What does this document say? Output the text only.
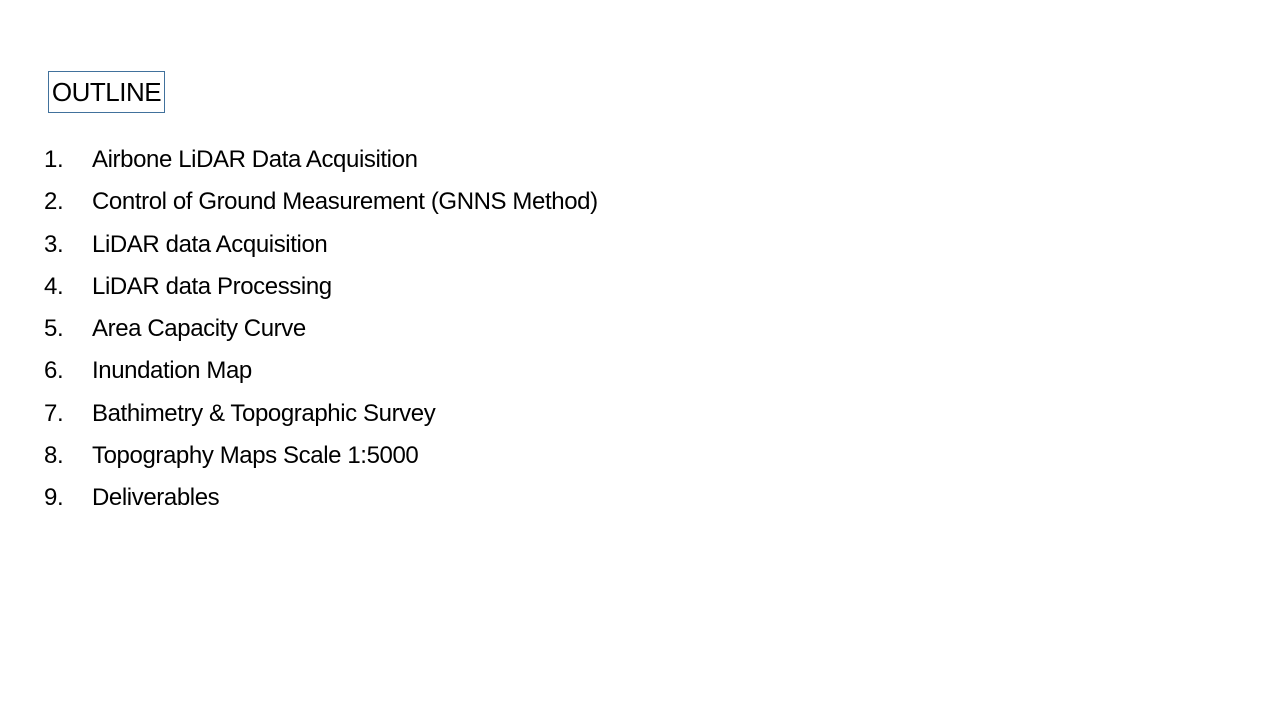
OUTLINE
1.	Airbone LiDAR Data Acquisition
2.	Control of Ground Measurement (GNNS Method)
3.	LiDAR data Acquisition
4.	LiDAR data Processing
5.	Area Capacity Curve
6.	Inundation Map
7.	Bathimetry & Topographic Survey
8.	Topography Maps Scale 1:5000
9.	Deliverables
